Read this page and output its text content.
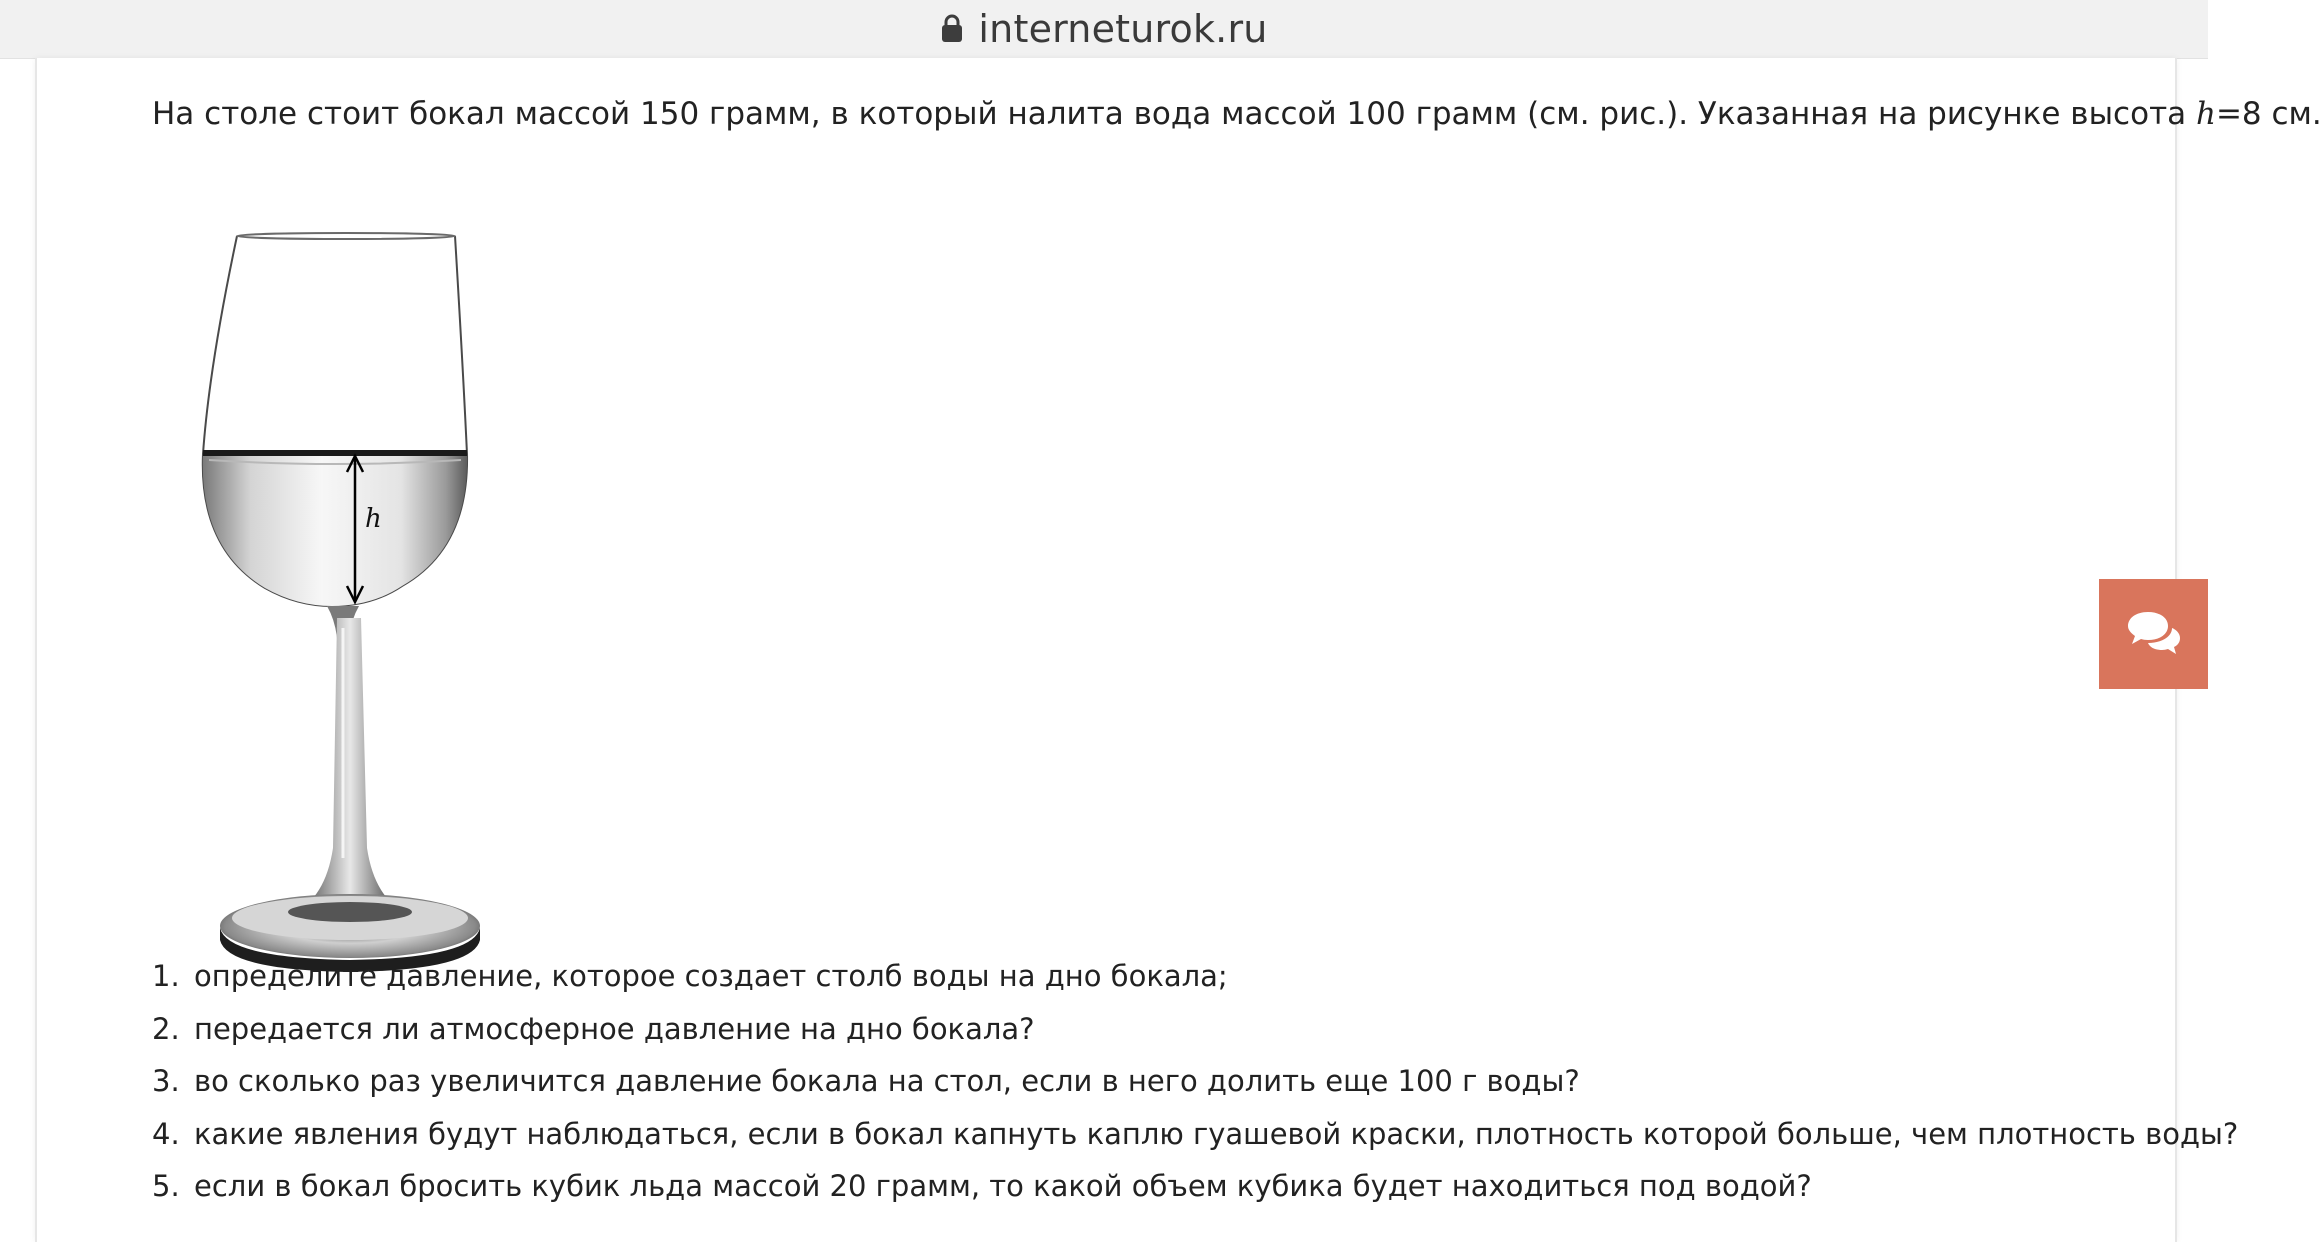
interneturok.ru
На столе стоит бокал массой 150 грамм, в который налита вода массой 100 грамм (см. рис.). Указанная на рисунке высота h=8 см.
h
1. определите давление, которое создает столб воды на дно бокала;
2. передается ли атмосферное давление на дно бокала?
3. во сколько раз увеличится давление бокала на стол, если в него долить еще 100 г воды?
4. какие явления будут наблюдаться, если в бокал капнуть каплю гуашевой краски, плотность которой больше, чем плотность воды?
5. если в бокал бросить кубик льда массой 20 грамм, то какой объем кубика будет находиться под водой?
